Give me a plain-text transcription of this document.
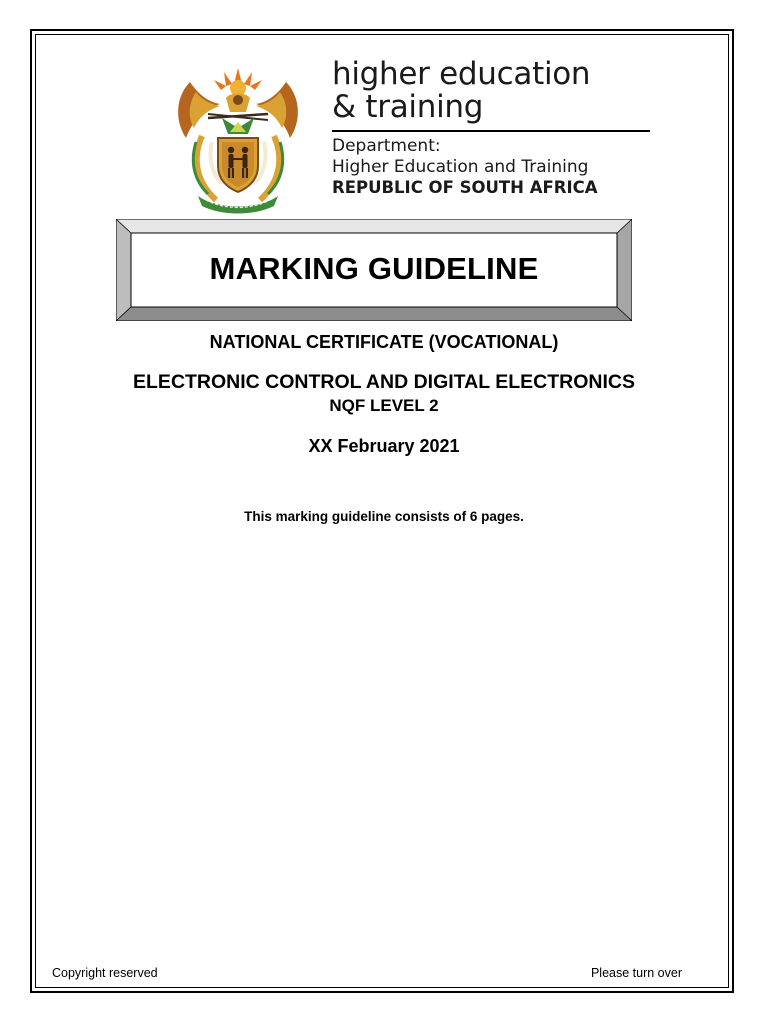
higher education
& training
Department:
Higher Education and Training
REPUBLIC OF SOUTH AFRICA
MARKING GUIDELINE
NATIONAL CERTIFICATE (VOCATIONAL)
ELECTRONIC CONTROL AND DIGITAL ELECTRONICS
NQF LEVEL 2
XX February 2021
This marking guideline consists of 6 pages.
Copyright reserved	Please turn over
